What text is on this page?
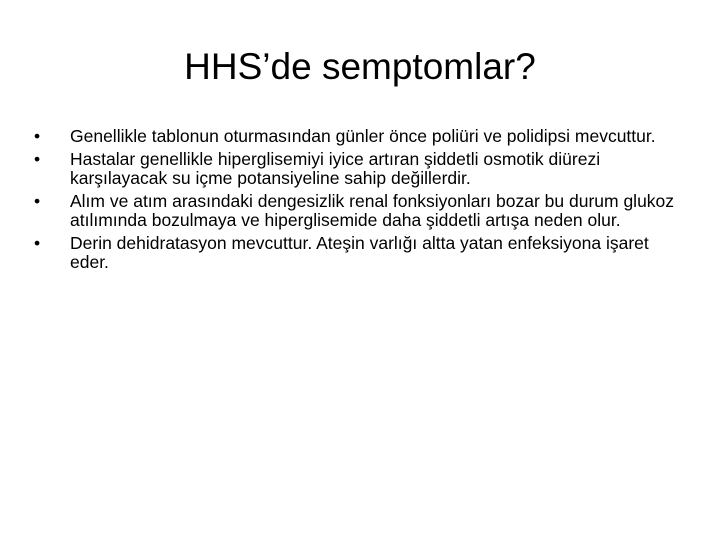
HHS’de semptomlar?
•	Genellikle tablonun oturmasından günler önce poliüri ve polidipsi mevcuttur.
•	Hastalar genellikle hiperglisemiyi iyice artıran şiddetli osmotik diürezi karşılayacak su içme potansiyeline sahip değillerdir.
•	Alım ve atım arasındaki dengesizlik renal fonksiyonları bozar bu durum glukoz atılımında bozulmaya ve hiperglisemide daha şiddetli artışa neden olur.
•	Derin dehidratasyon mevcuttur. Ateşin varlığı altta yatan enfeksiyona işaret eder.
